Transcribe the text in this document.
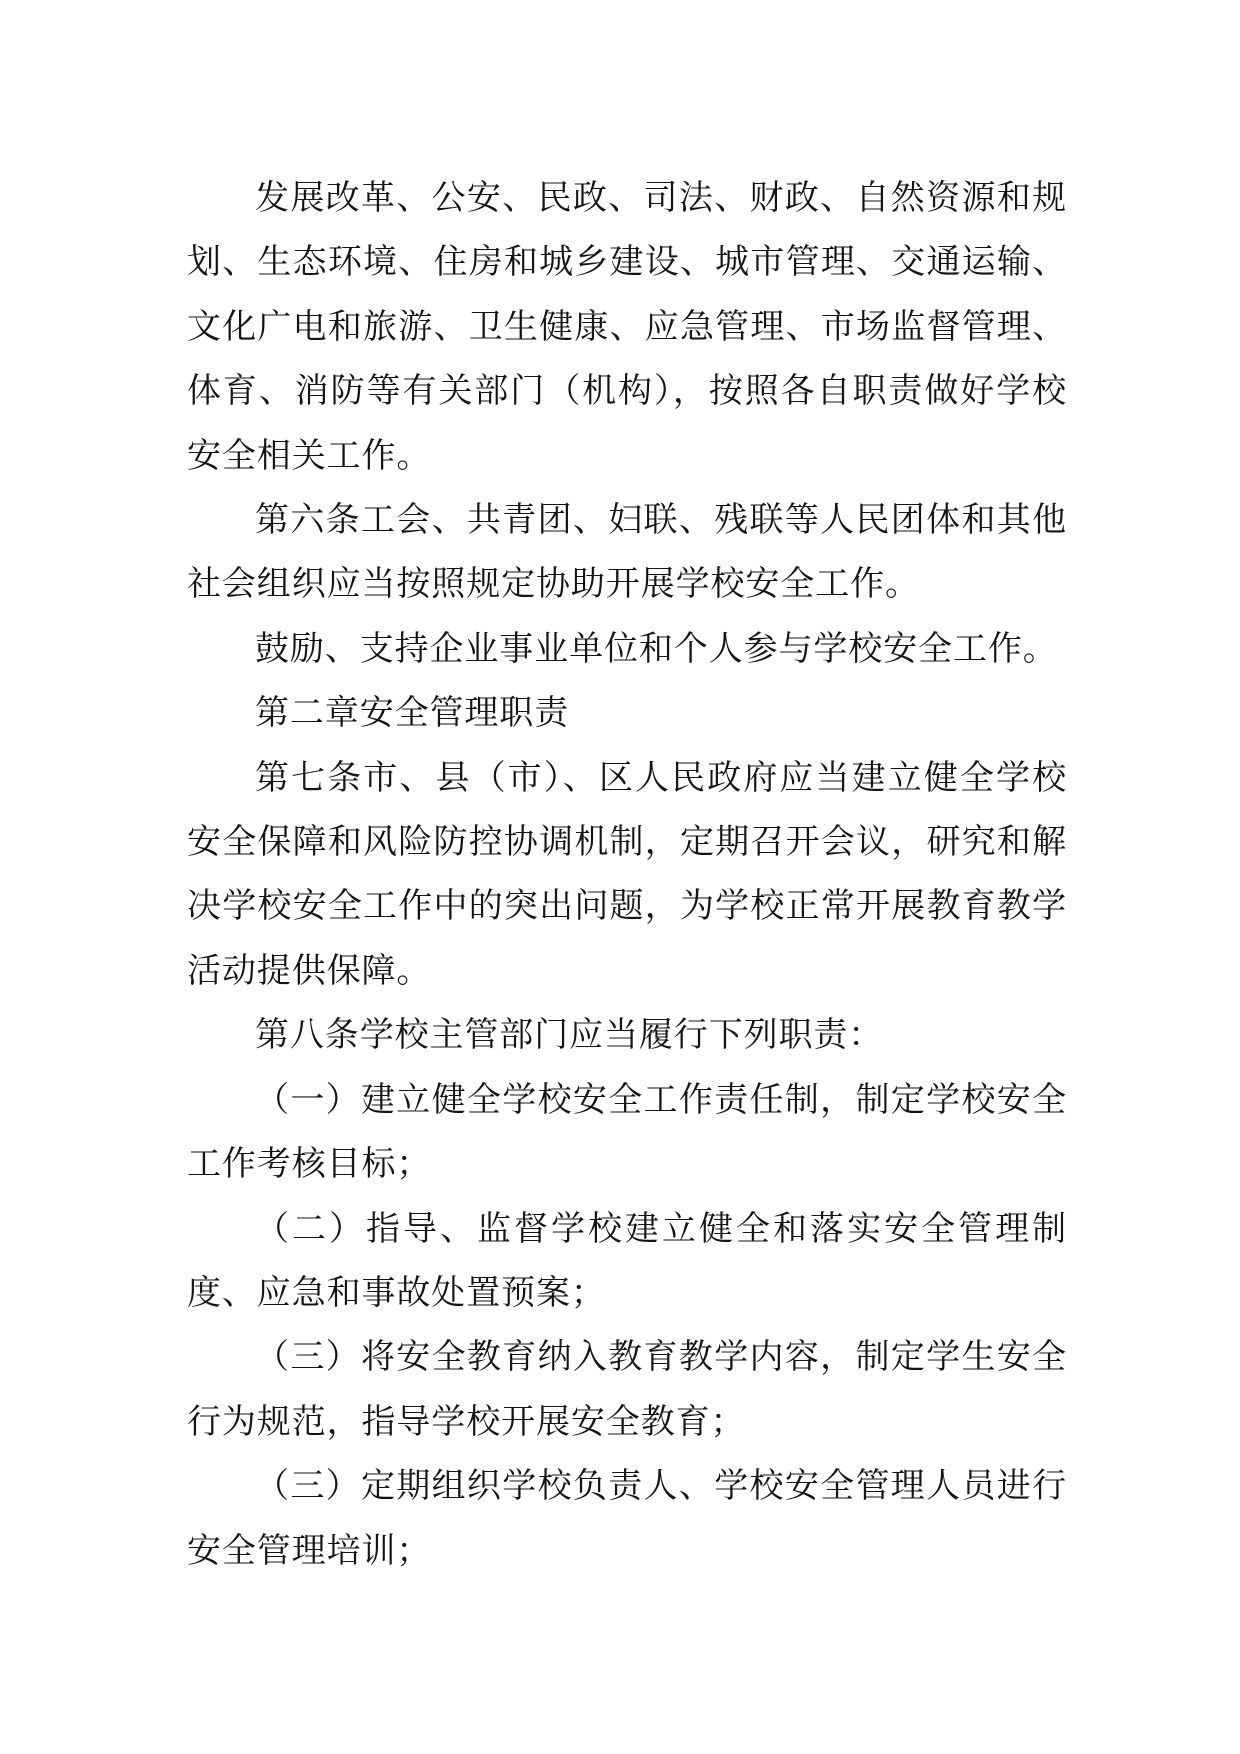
发展改革、公安、民政、司法、财政、自然资源和规划、生态环境、住房和城乡建设、城市管理、交通运输、文化广电和旅游、卫生健康、应急管理、市场监督管理、体育、消防等有关部门（机构），按照各自职责做好学校安全相关工作。

第六条工会、共青团、妇联、残联等人民团体和其他社会组织应当按照规定协助开展学校安全工作。

鼓励、支持企业事业单位和个人参与学校安全工作。

第二章安全管理职责

第七条市、县（市）、区人民政府应当建立健全学校安全保障和风险防控协调机制，定期召开会议，研究和解决学校安全工作中的突出问题，为学校正常开展教育教学活动提供保障。

第八条学校主管部门应当履行下列职责：

（一）建立健全学校安全工作责任制，制定学校安全工作考核目标；

（二）指导、监督学校建立健全和落实安全管理制度、应急和事故处置预案；

（三）将安全教育纳入教育教学内容，制定学生安全行为规范，指导学校开展安全教育；

（三）定期组织学校负责人、学校安全管理人员进行安全管理培训；
